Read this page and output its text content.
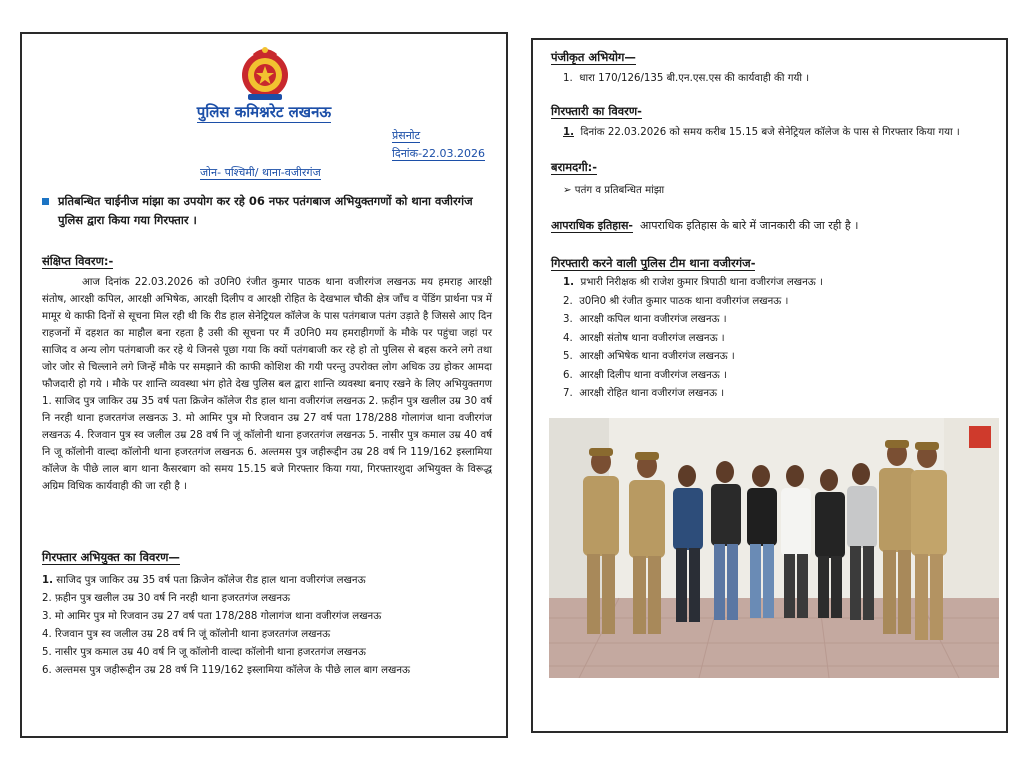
पुलिस कमिश्नरेट लखनऊ
प्रेसनोट
दिनांक-22.03.2026
जोन- पश्चिमी/ थाना-वजीरगंज
प्रतिबन्धित चाईनीज मांझा का उपयोग कर रहे 06 नफर पतंगबाज अभियुक्तगणों को थाना वजीरगंज पुलिस द्वारा किया गया गिरफ्तार ।
संक्षिप्त विवरण:-
आज दिनांक 22.03.2026 को उ0नि0 रंजीत कुमार पाठक थाना वजीरगंज लखनऊ मय हमराह आरक्षी संतोष, आरक्षी कपिल, आरक्षी अभिषेक, आरक्षी दिलीप व आरक्षी रोहित के देखभाल चौकी क्षेत्र जाँच व पेंडिंग प्रार्थना पत्र में मामूर थे काफी दिनों से सूचना मिल रही थी कि रीड हाल सेनेट्रियल कॉलेज के पास पतंगबाज पतंग उड़ाते है जिससे आए दिन राहजनों में दहशत का माहौल बना रहता है उसी की सूचना पर मैं उ0नि0 मय हमराहीगणों के मौके पर पहुंचा जहां पर साजिद व अन्य लोग पतंगबाजी कर रहे थे जिनसे पूछा गया कि क्यों पतंगबाजी कर रहे हो तो पुलिस से बहस करने लगे तथा जोर जोर से चिल्लाने लगे जिन्हें मौके पर समझाने की काफी कोशिश की गयी परन्तु उपरोक्त लोग अधिक उग्र होकर आमदा फौजदारी हो गये । मौके पर शान्ति व्यवस्था भंग होते देख पुलिस बल द्वारा शान्ति व्यवस्था बनाए रखने के लिए अभियुक्तगण 1. साजिद पुत्र जाकिर उम्र 35 वर्ष पता क्रिजेन कॉलेज रीड हाल थाना वजीरगंज लखनऊ 2. फ़हीन पुत्र खलील उम्र 30 वर्ष नि नरही थाना हजरतगंज लखनऊ 3. मो आमिर पुत्र मो रिजवान उम्र 27 वर्ष पता 178/288 गोलागंज थाना वजीरगंज लखनऊ 4. रिजवान पुत्र स्व जलील उम्र 28 वर्ष नि जूं कॉलोनी थाना हजरतगंज लखनऊ 5. नासीर पुत्र कमाल उम्र 40 वर्ष नि जू कॉलोनी वाल्दा कॉलोनी थाना हजरतगंज लखनऊ 6. अल्तमस पुत्र जहीरूद्दीन उम्र 28 वर्ष नि 119/162 इस्लामिया कॉलेज के पीछे लाल बाग थाना कैसरबाग को समय 15.15 बजे गिरफ्तार किया गया, गिरफ्तारशुदा अभियुक्त के विरूद्ध अग्रिम विधिक कार्यवाही की जा रही है ।
गिरफ्तार अभियुक्त का विवरण—
1. साजिद पुत्र जाकिर उम्र 35 वर्ष पता क्रिजेन कॉलेज रीड हाल थाना वजीरगंज लखनऊ
2. फ़हीन पुत्र खलील उम्र 30 वर्ष नि नरही थाना हजरतगंज लखनऊ
3. मो आमिर पुत्र मो रिजवान उम्र 27 वर्ष पता 178/288 गोलागंज थाना वजीरगंज लखनऊ
4. रिजवान पुत्र स्व जलील उम्र 28 वर्ष नि जूं कॉलोनी थाना हजरतगंज लखनऊ
5. नासीर पुत्र कमाल उम्र 40 वर्ष नि जू कॉलोनी वाल्दा कॉलोनी थाना हजरतगंज लखनऊ
6. अल्तमस पुत्र जहीरूद्दीन उम्र 28 वर्ष नि 119/162 इस्लामिया कॉलेज के पीछे लाल बाग लखनऊ
पंजीकृत अभियोग—
1. धारा 170/126/135 बी.एन.एस.एस की कार्यवाही की गयी ।
गिरफ्तारी का विवरण-
1. दिनांक 22.03.2026 को समय करीब 15.15 बजे सेनेट्रियल कॉलेज के पास से गिरफ्तार किया गया ।
बरामदगी:-
➢ पतंग व प्रतिबन्धित मांझा
आपराधिक इतिहास- आपराधिक इतिहास के बारे में जानकारी की जा रही है ।
गिरफ्तारी करने वाली पुलिस टीम थाना वजीरगंज-
1. प्रभारी निरीक्षक श्री राजेश कुमार त्रिपाठी थाना वजीरगंज लखनऊ ।
2. उ0नि0 श्री रंजीत कुमार पाठक थाना वजीरगंज लखनऊ ।
3. आरक्षी कपिल थाना वजीरगंज लखनऊ ।
4. आरक्षी संतोष थाना वजीरगंज लखनऊ ।
5. आरक्षी अभिषेक थाना वजीरगंज लखनऊ ।
6. आरक्षी दिलीप थाना वजीरगंज लखनऊ ।
7. आरक्षी रोहित थाना वजीरगंज लखनऊ ।
